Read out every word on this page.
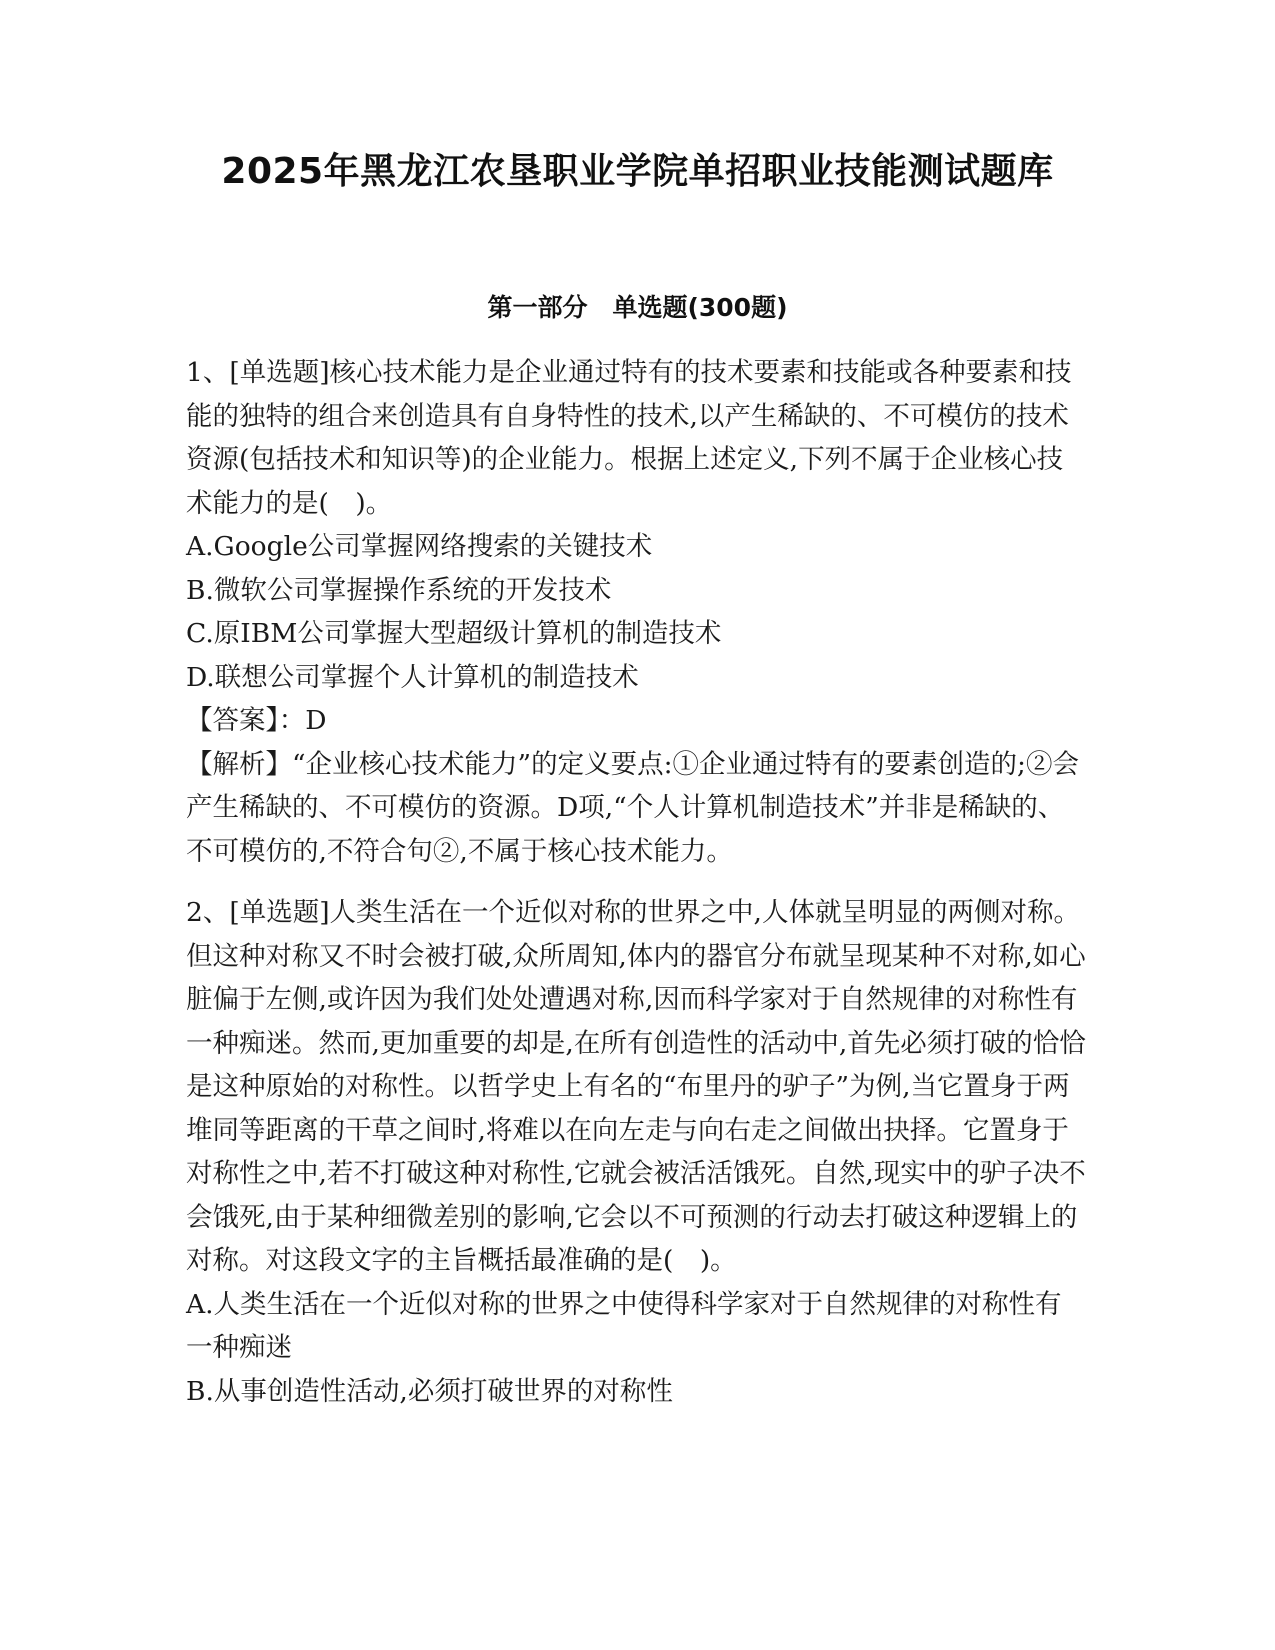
2025年黑龙江农垦职业学院单招职业技能测试题库
第一部分　单选题(300题)

1、[单选题]核心技术能力是企业通过特有的技术要素和技能或各种要素和技能的独特的组合来创造具有自身特性的技术,以产生稀缺的、不可模仿的技术资源(包括技术和知识等)的企业能力。根据上述定义,下列不属于企业核心技术能力的是(　)。

A.Google公司掌握网络搜索的关键技术

B.微软公司掌握操作系统的开发技术

C.原IBM公司掌握大型超级计算机的制造技术

D.联想公司掌握个人计算机的制造技术

【答案】：D

【解析】“企业核心技术能力”的定义要点:①企业通过特有的要素创造的;②会产生稀缺的、不可模仿的资源。D项,“个人计算机制造技术”并非是稀缺的、不可模仿的,不符合句②,不属于核心技术能力。

2、[单选题]人类生活在一个近似对称的世界之中,人体就呈明显的两侧对称。但这种对称又不时会被打破,众所周知,体内的器官分布就呈现某种不对称,如心脏偏于左侧,或许因为我们处处遭遇对称,因而科学家对于自然规律的对称性有一种痴迷。然而,更加重要的却是,在所有创造性的活动中,首先必须打破的恰恰是这种原始的对称性。以哲学史上有名的“布里丹的驴子”为例,当它置身于两堆同等距离的干草之间时,将难以在向左走与向右走之间做出抉择。它置身于对称性之中,若不打破这种对称性,它就会被活活饿死。自然,现实中的驴子决不会饿死,由于某种细微差别的影响,它会以不可预测的行动去打破这种逻辑上的对称。对这段文字的主旨概括最准确的是(　)。

A.人类生活在一个近似对称的世界之中使得科学家对于自然规律的对称性有一种痴迷

B.从事创造性活动,必须打破世界的对称性
